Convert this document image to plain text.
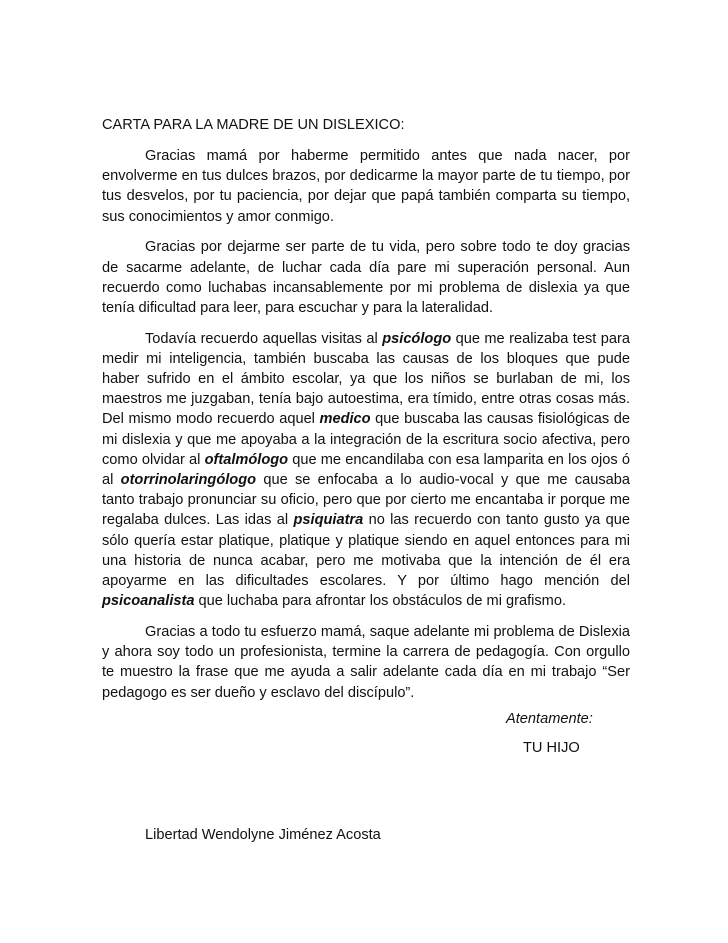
CARTA PARA LA MADRE DE UN DISLEXICO:

Gracias mamá por haberme permitido antes que nada nacer, por envolverme en tus dulces brazos, por dedicarme la mayor parte de tu tiempo, por tus desvelos, por tu paciencia, por dejar que papá también comparta su tiempo, sus conocimientos y amor conmigo.

Gracias por dejarme ser parte de tu vida, pero sobre todo te doy gracias de sacarme adelante, de luchar cada día pare mi superación personal. Aun recuerdo como luchabas incansablemente por mi problema de dislexia ya que tenía dificultad para leer, para escuchar y para la lateralidad.

Todavía recuerdo aquellas visitas al psicólogo que me realizaba test para medir mi inteligencia, también buscaba las causas de los bloques que pude haber sufrido en el ámbito escolar, ya que los niños se burlaban de mi, los maestros me juzgaban, tenía bajo autoestima, era tímido, entre otras cosas más. Del mismo modo recuerdo aquel medico que buscaba las causas fisiológicas de mi dislexia y que me apoyaba a la integración de la escritura socio afectiva, pero como olvidar al oftalmólogo que me encandilaba con esa lamparita en los ojos ó al otorrinolaringólogo que se enfocaba a lo audio-vocal y que me causaba tanto trabajo pronunciar su oficio, pero que por cierto me encantaba ir porque me regalaba dulces. Las idas al psiquiatra no las recuerdo con tanto gusto ya que sólo quería estar platique, platique y platique siendo en aquel entonces para mi una historia de nunca acabar, pero me motivaba que la intención de él era apoyarme en las dificultades escolares. Y por último hago mención del psicoanalista que luchaba para afrontar los obstáculos de mi grafismo.

Gracias a todo tu esfuerzo mamá, saque adelante mi problema de Dislexia y ahora soy todo un profesionista, termine la carrera de pedagogía. Con orgullo te muestro la frase que me ayuda a salir adelante cada día en mi trabajo “Ser pedagogo es ser dueño y esclavo del discípulo”.

Atentamente:
TU HIJO
Libertad Wendolyne Jiménez Acosta
